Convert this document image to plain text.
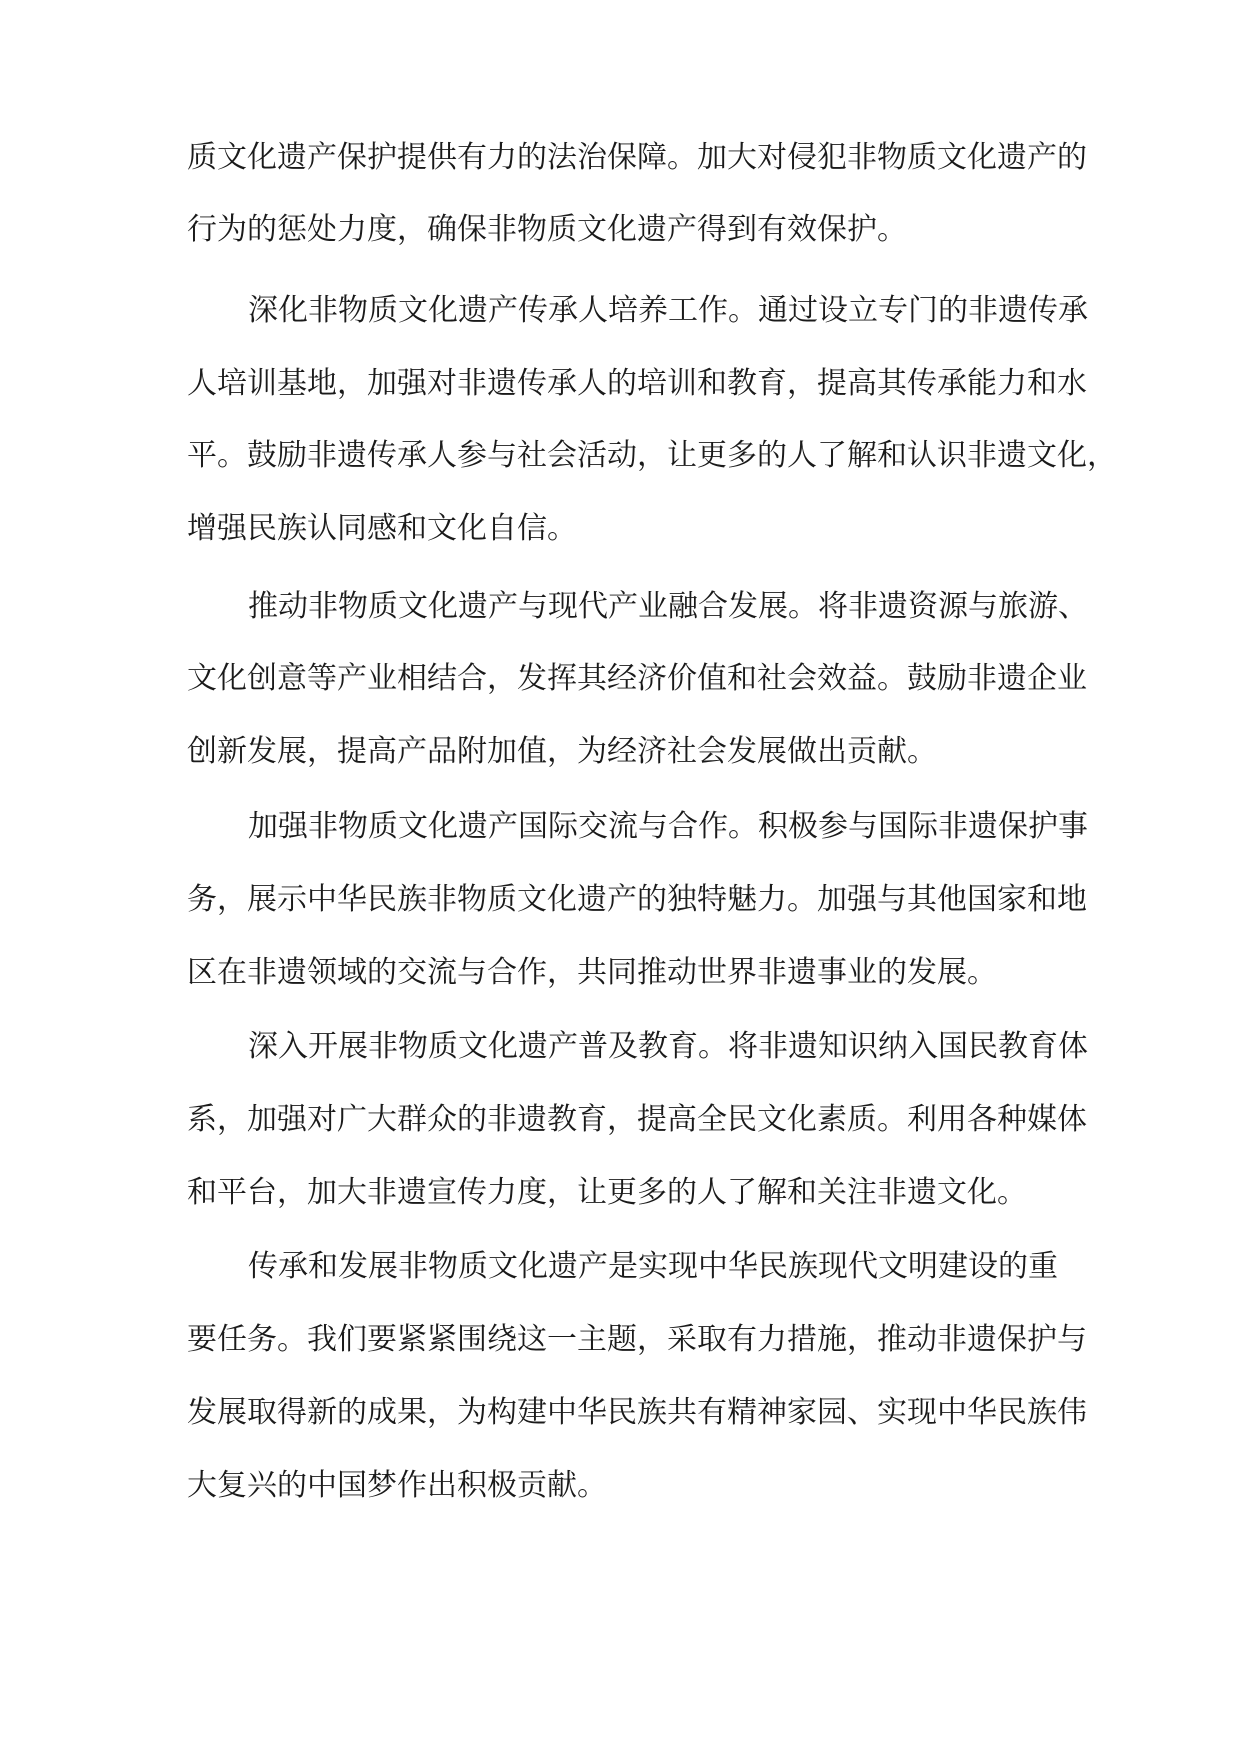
质文化遗产保护提供有力的法治保障。加大对侵犯非物质文化遗产的
行为的惩处力度，确保非物质文化遗产得到有效保护。
深化非物质文化遗产传承人培养工作。通过设立专门的非遗传承
人培训基地，加强对非遗传承人的培训和教育，提高其传承能力和水
平。鼓励非遗传承人参与社会活动，让更多的人了解和认识非遗文化，
增强民族认同感和文化自信。
推动非物质文化遗产与现代产业融合发展。将非遗资源与旅游、
文化创意等产业相结合，发挥其经济价值和社会效益。鼓励非遗企业
创新发展，提高产品附加值，为经济社会发展做出贡献。
加强非物质文化遗产国际交流与合作。积极参与国际非遗保护事
务，展示中华民族非物质文化遗产的独特魅力。加强与其他国家和地
区在非遗领域的交流与合作，共同推动世界非遗事业的发展。
深入开展非物质文化遗产普及教育。将非遗知识纳入国民教育体
系，加强对广大群众的非遗教育，提高全民文化素质。利用各种媒体
和平台，加大非遗宣传力度，让更多的人了解和关注非遗文化。
传承和发展非物质文化遗产是实现中华民族现代文明建设的重
要任务。我们要紧紧围绕这一主题，采取有力措施，推动非遗保护与
发展取得新的成果，为构建中华民族共有精神家园、实现中华民族伟
大复兴的中国梦作出积极贡献。
